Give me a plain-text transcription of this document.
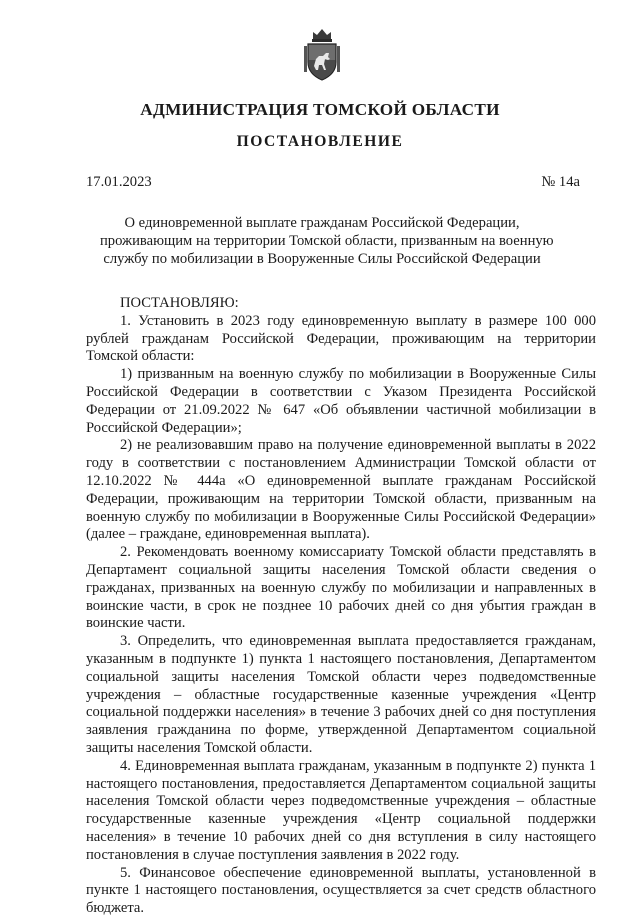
АДМИНИСТРАЦИЯ ТОМСКОЙ ОБЛАСТИ
ПОСТАНОВЛЕНИЕ
17.01.2023	№ 14а
О единовременной выплате гражданам Российской Федерации,
проживающим на территории Томской области, призванным на военную
службу по мобилизации в Вооруженные Силы Российской Федерации

ПОСТАНОВЛЯЮ:

1. Установить в 2023 году единовременную выплату в размере 100 000 рублей гражданам Российской Федерации, проживающим на территории Томской области:

1) призванным на военную службу по мобилизации в Вооруженные Силы Российской Федерации в соответствии с Указом Президента Российской Федерации от 21.09.2022 № 647 «Об объявлении частичной мобилизации в Российской Федерации»;

2) не реализовавшим право на получение единовременной выплаты в 2022 году в соответствии с постановлением Администрации Томской области от 12.10.2022 № 444а «О единовременной выплате гражданам Российской Федерации, проживающим на территории Томской области, призванным на военную службу по мобилизации в Вооруженные Силы Российской Федерации» (далее – граждане, единовременная выплата).

2. Рекомендовать военному комиссариату Томской области представлять в Департамент социальной защиты населения Томской области сведения о гражданах, призванных на военную службу по мобилизации и направленных в воинские части, в срок не позднее 10 рабочих дней со дня убытия граждан в воинские части.

3. Определить, что единовременная выплата предоставляется гражданам, указанным в подпункте 1) пункта 1 настоящего постановления, Департаментом социальной защиты населения Томской области через подведомственные учреждения – областные государственные казенные учреждения «Центр социальной поддержки населения» в течение 3 рабочих дней со дня поступления заявления гражданина по форме, утвержденной Департаментом социальной защиты населения Томской области.

4. Единовременная выплата гражданам, указанным в подпункте 2) пункта 1 настоящего постановления, предоставляется Департаментом социальной защиты населения Томской области через подведомственные учреждения – областные государственные казенные учреждения «Центр социальной поддержки населения» в течение 10 рабочих дней со дня вступления в силу настоящего постановления в случае поступления заявления в 2022 году.

5. Финансовое обеспечение единовременной выплаты, установленной в пункте 1 настоящего постановления, осуществляется за счет средств областного бюджета.
